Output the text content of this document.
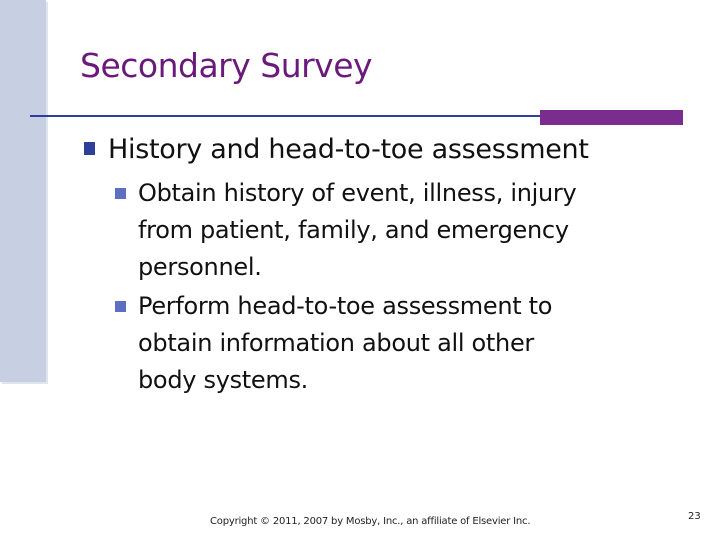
Secondary Survey
History and head-to-toe assessment
Obtain history of event, illness, injury
from patient, family, and emergency
personnel.
Perform head-to-toe assessment to
obtain information about all other
body systems.
Copyright © 2011, 2007 by Mosby, Inc., an affiliate of Elsevier Inc.	23
